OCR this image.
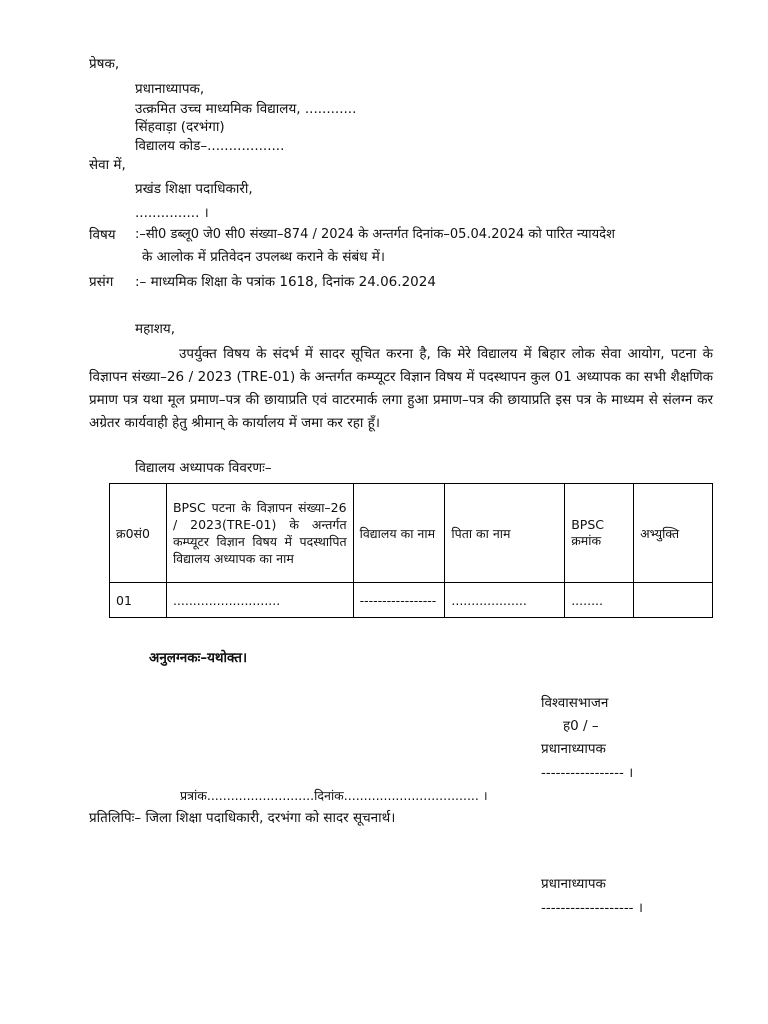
प्रेषक,
प्रधानाध्यापक,
उत्क्रमित उच्च माध्यमिक विद्यालय, ............
सिंहवाड़ा (दरभंगा)
विद्यालय कोड–..................
सेवा में,
प्रखंड शिक्षा पदाधिकारी,
............... ।
विषय :–सी0 डब्लू0 जे0 सी0 संख्या–874 / 2024 के अन्तर्गत दिनांक–05.04.2024 को पारित न्यायदेश
के आलोक में प्रतिवेदन उपलब्ध कराने के संबंध में।
प्रसंग :– माध्यमिक शिक्षा के पत्रांक 1618, दिनांक 24.06.2024
महाशय,
उपर्युक्त विषय के संदर्भ में सादर सूचित करना है, कि मेरे विद्यालय में बिहार लोक सेवा आयोग, पटना के विज्ञापन संख्या–26 / 2023 (TRE-01) के अन्तर्गत कम्प्यूटर विज्ञान विषय में पदस्थापन कुल 01 अध्यापक का सभी शैक्षणिक प्रमाण पत्र यथा मूल प्रमाण–पत्र की छायाप्रति एवं वाटरमार्क लगा हुआ प्रमाण–पत्र की छायाप्रति इस पत्र के माध्यम से संलग्न कर अग्रेतर कार्यवाही हेतु श्रीमान् के कार्यालय में जमा कर रहा हूँ।
विद्यालय अध्यापक विवरणः–
क्र0सं0	BPSC पटना के विज्ञापन संख्या–26 / 2023(TRE-01) के अन्तर्गत कम्प्यूटर विज्ञान विषय में पदस्थापित विद्यालय अध्यापक का नाम	विद्यालय का नाम	पिता का नाम	BPSC क्रमांक	अभ्युक्ति
01	...........................	-----------------	...................	........	
अनुलग्नकः–यथोक्त।
विश्वासभाजन
ह0 / –
प्रधानाध्यापक
----------------- ।
प्रत्रांक...........................दिनांक.................................. ।
प्रतिलिपिः– जिला शिक्षा पदाधिकारी, दरभंगा को सादर सूचनार्थ।
प्रधानाध्यापक
------------------- ।
